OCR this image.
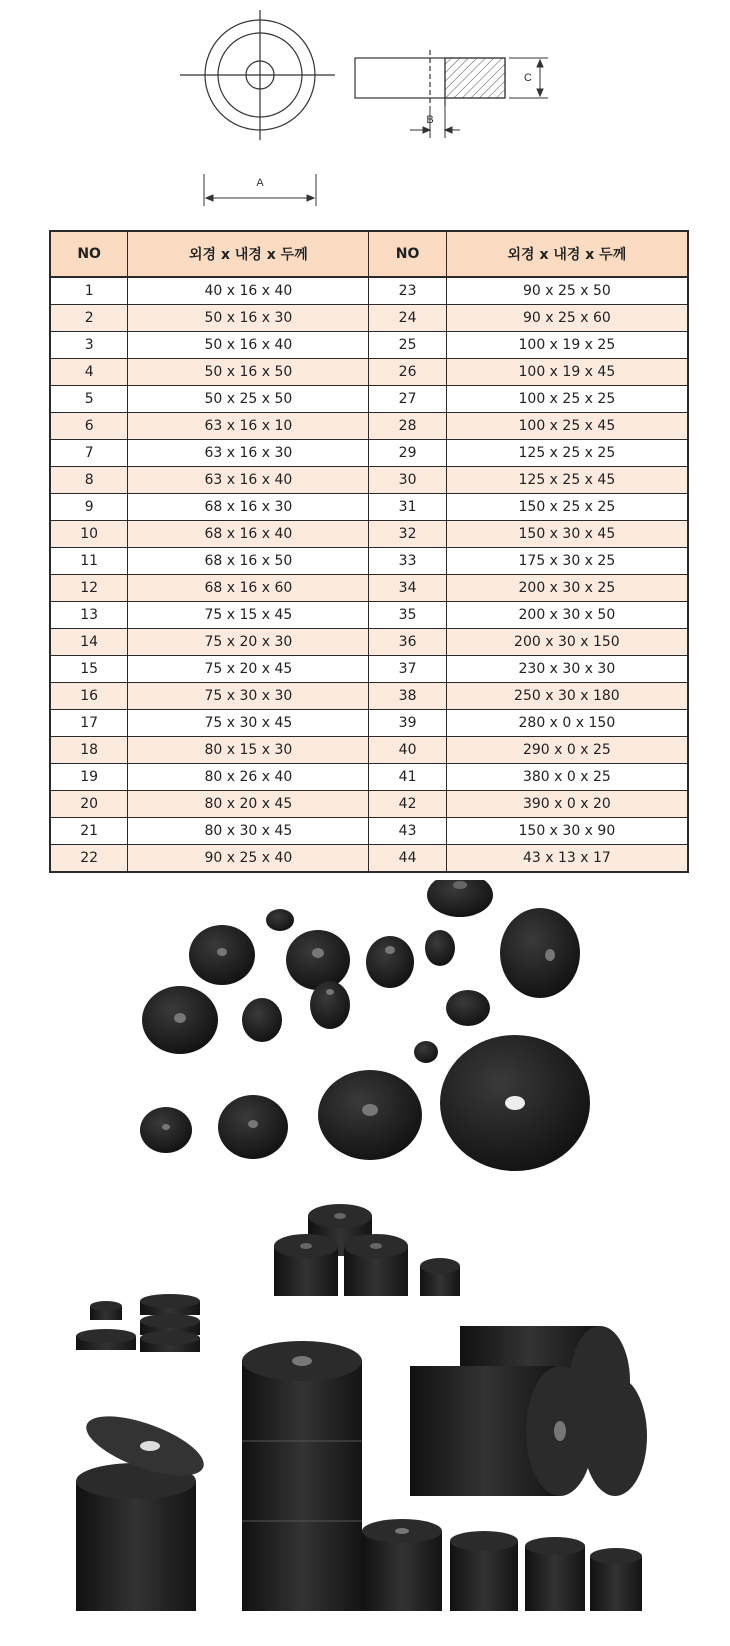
A
B
C
NO	외경 x 내경 x 두께	NO	외경 x 내경 x 두께
1	40 x 16 x 40	23	90 x 25 x 50
2	50 x 16 x 30	24	90 x 25 x 60
3	50 x 16 x 40	25	100 x 19 x 25
4	50 x 16 x 50	26	100 x 19 x 45
5	50 x 25 x 50	27	100 x 25 x 25
6	63 x 16 x 10	28	100 x 25 x 45
7	63 x 16 x 30	29	125 x 25 x 25
8	63 x 16 x 40	30	125 x 25 x 45
9	68 x 16 x 30	31	150 x 25 x 25
10	68 x 16 x 40	32	150 x 30 x 45
11	68 x 16 x 50	33	175 x 30 x 25
12	68 x 16 x 60	34	200 x 30 x 25
13	75 x 15 x 45	35	200 x 30 x 50
14	75 x 20 x 30	36	200 x 30 x 150
15	75 x 20 x 45	37	230 x 30 x 30
16	75 x 30 x 30	38	250 x 30 x 180
17	75 x 30 x 45	39	280 x 0 x 150
18	80 x 15 x 30	40	290 x 0 x 25
19	80 x 26 x 40	41	380 x 0 x 25
20	80 x 20 x 45	42	390 x 0 x 20
21	80 x 30 x 45	43	150 x 30 x 90
22	90 x 25 x 40	44	43 x 13 x 17
